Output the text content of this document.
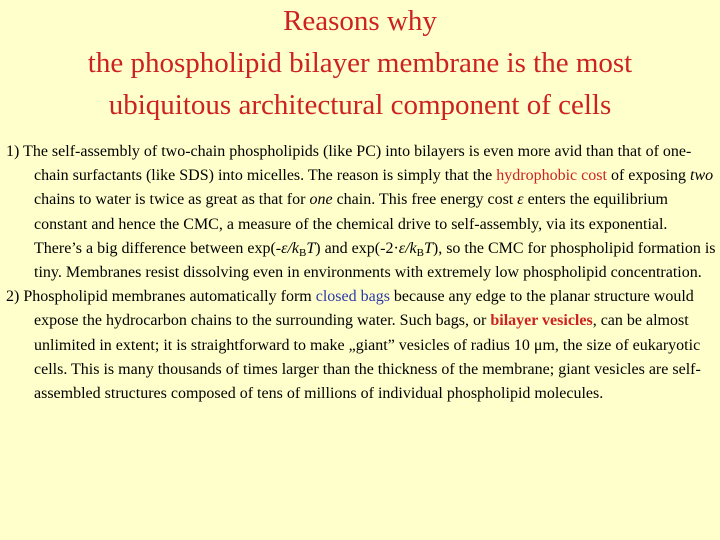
Reasons why
the phospholipid bilayer membrane is the most
ubiquitous architectural component of cells

1) The self-assembly of two-chain phospholipids (like PC) into bilayers is even more avid than that of one-chain surfactants (like SDS) into micelles. The reason is simply that the hydrophobic cost of exposing two chains to water is twice as great as that for one chain. This free energy cost ε enters the equilibrium constant and hence the CMC, a measure of the chemical drive to self-assembly, via its exponential. There’s a big difference between $\exp(-\varepsilon/k_BT)$ and $\exp(-2\cdot\varepsilon/k_BT)$, so the CMC for phospholipid formation is tiny. Membranes resist dissolving even in environments with extremely low phospholipid concentration.

2) Phospholipid membranes automatically form closed bags because any edge to the planar structure would expose the hydrocarbon chains to the surrounding water. Such bags, or bilayer vesicles, can be almost unlimited in extent; it is straightforward to make „giant” vesicles of radius 10 μm, the size of eukaryotic cells. This is many thousands of times larger than the thickness of the membrane; giant vesicles are self-assembled structures composed of tens of millions of individual phospholipid molecules.
